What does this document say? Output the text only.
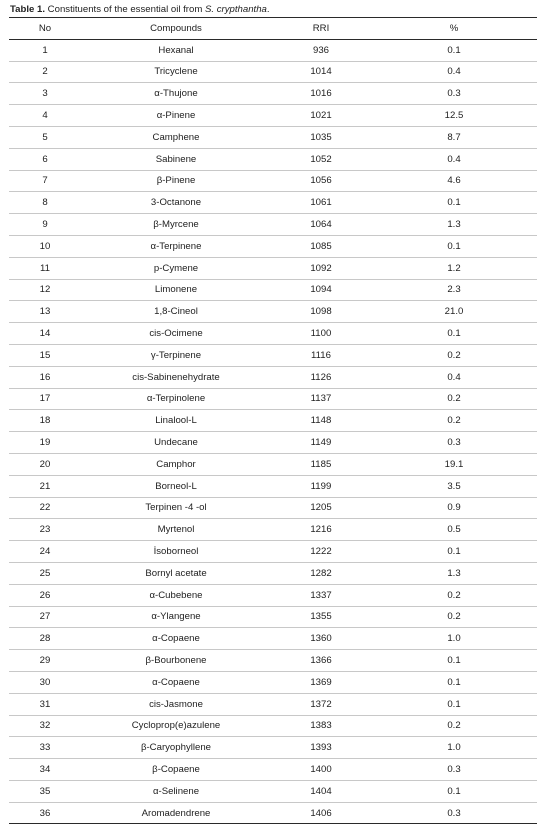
Table 1. Constituents of the essential oil from S. crypthantha.
No	Compounds	RRI	%
1	Hexanal	936	0.1
2	Tricyclene	1014	0.4
3	α-Thujone	1016	0.3
4	α-Pinene	1021	12.5
5	Camphene	1035	8.7
6	Sabinene	1052	0.4
7	β-Pinene	1056	4.6
8	3-Octanone	1061	0.1
9	β-Myrcene	1064	1.3
10	α-Terpinene	1085	0.1
11	p-Cymene	1092	1.2
12	Limonene	1094	2.3
13	1,8-Cineol	1098	21.0
14	cis-Ocimene	1100	0.1
15	γ-Terpinene	1116	0.2
16	cis-Sabinenehydrate	1126	0.4
17	α-Terpinolene	1137	0.2
18	Linalool-L	1148	0.2
19	Undecane	1149	0.3
20	Camphor	1185	19.1
21	Borneol-L	1199	3.5
22	Terpinen -4 -ol	1205	0.9
23	Myrtenol	1216	0.5
24	İsoborneol	1222	0.1
25	Bornyl acetate	1282	1.3
26	α-Cubebene	1337	0.2
27	α-Ylangene	1355	0.2
28	α-Copaene	1360	1.0
29	β-Bourbonene	1366	0.1
30	α-Copaene	1369	0.1
31	cis-Jasmone	1372	0.1
32	Cycloprop(e)azulene	1383	0.2
33	β-Caryophyllene	1393	1.0
34	β-Copaene	1400	0.3
35	α-Selinene	1404	0.1
36	Aromadendrene	1406	0.3
